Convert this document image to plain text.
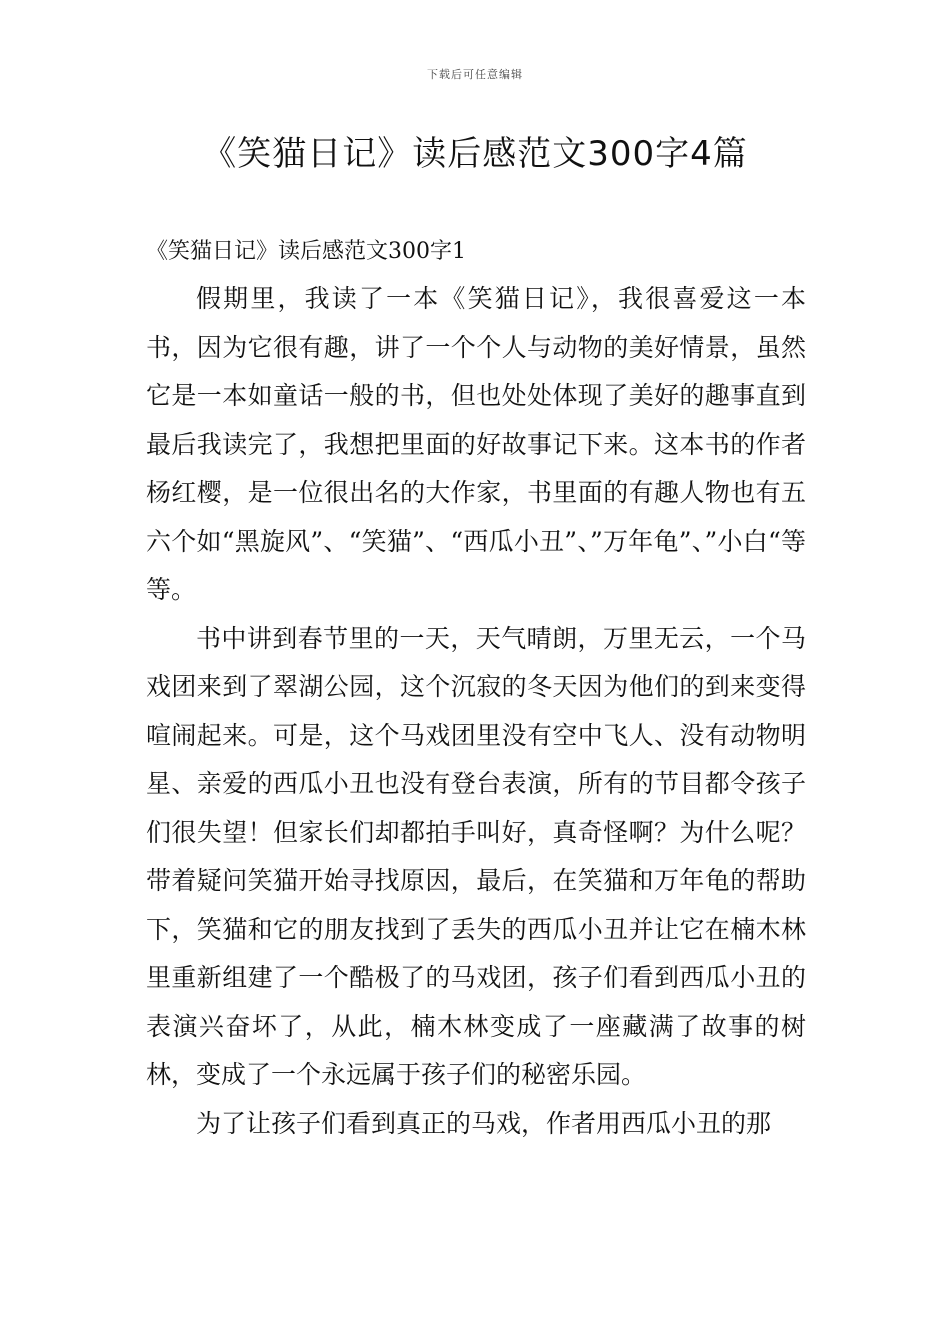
下载后可任意编辑
《笑猫日记》读后感范文300字4篇
《笑猫日记》读后感范文300字1

假期里，我读了一本《笑猫日记》，我很喜爱这一本书，因为它很有趣，讲了一个个人与动物的美好情景，虽然它是一本如童话一般的书，但也处处体现了美好的趣事直到最后我读完了，我想把里面的好故事记下来。这本书的作者杨红樱，是一位很出名的大作家，书里面的有趣人物也有五六个如“黑旋风”、“笑猫”、“西瓜小丑”、”万年龟”、”小白“等等。

书中讲到春节里的一天，天气晴朗，万里无云，一个马戏团来到了翠湖公园，这个沉寂的冬天因为他们的到来变得喧闹起来。可是，这个马戏团里没有空中飞人、没有动物明星、亲爱的西瓜小丑也没有登台表演，所有的节目都令孩子们很失望！但家长们却都拍手叫好，真奇怪啊？为什么呢？带着疑问笑猫开始寻找原因，最后，在笑猫和万年龟的帮助下，笑猫和它的朋友找到了丢失的西瓜小丑并让它在楠木林里重新组建了一个酷极了的马戏团，孩子们看到西瓜小丑的表演兴奋坏了，从此，楠木林变成了一座藏满了故事的树林，变成了一个永远属于孩子们的秘密乐园。

为了让孩子们看到真正的马戏，作者用西瓜小丑的那
